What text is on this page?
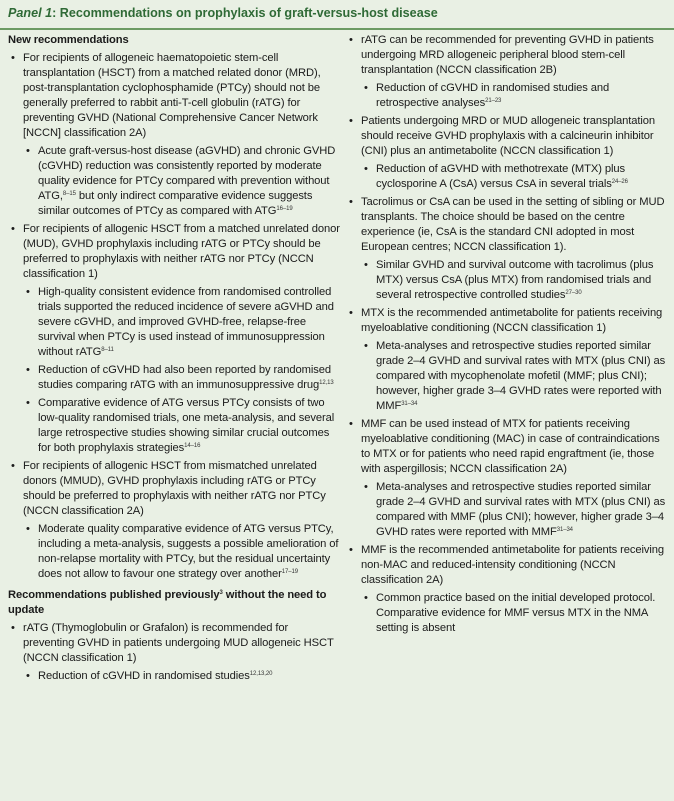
Panel 1: Recommendations on prophylaxis of graft-versus-host disease

New recommendations

• For recipients of allogeneic haematopoietic stem-cell transplantation (HSCT) from a matched related donor (MRD), post-transplantation cyclophosphamide (PTCy) should not be generally preferred to rabbit anti-T-cell globulin (rATG) for preventing GVHD (National Comprehensive Cancer Network [NCCN] classification 2A)
• Acute graft-versus-host disease (aGVHD) and chronic GVHD (cGVHD) reduction was consistently reported by moderate quality evidence for PTCy compared with prevention without ATG,$^{8-15}$ but only indirect comparative evidence suggests similar outcomes of PTCy as compared with ATG$^{16-19}$
• For recipients of allogenic HSCT from a matched unrelated donor (MUD), GVHD prophylaxis including rATG or PTCy should be preferred to prophylaxis with neither rATG nor PTCy (NCCN classification 1)
• High-quality consistent evidence from randomised controlled trials supported the reduced incidence of severe aGVHD and severe cGVHD, and improved GVHD-free, relapse-free survival when PTCy is used instead of immunosuppression without rATG$^{8-11}$
• Reduction of cGVHD had also been reported by randomised studies comparing rATG with an immunosuppressive drug$^{12,13}$
• Comparative evidence of ATG versus PTCy consists of two low-quality randomised trials, one meta-analysis, and several large retrospective studies showing similar crucial outcomes for both prophylaxis strategies$^{14-16}$
• For recipients of allogenic HSCT from mismatched unrelated donors (MMUD), GVHD prophylaxis including rATG or PTCy should be preferred to prophylaxis with neither rATG nor PTCy (NCCN classification 2A)
• Moderate quality comparative evidence of ATG versus PTCy, including a meta-analysis, suggests a possible amelioration of non-relapse mortality with PTCy, but the residual uncertainty does not allow to favour one strategy over another$^{17-19}$

Recommendations published previously$^3$ without the need to update

• rATG (Thymoglobulin or Grafalon) is recommended for preventing GVHD in patients undergoing MUD allogeneic HSCT (NCCN classification 1)
• Reduction of cGVHD in randomised studies$^{12,13,20}$
• rATG can be recommended for preventing GVHD in patients undergoing MRD allogeneic peripheral blood stem-cell transplantation (NCCN classification 2B)
• Reduction of cGVHD in randomised studies and retrospective analyses$^{21-23}$
• Patients undergoing MRD or MUD allogeneic transplantation should receive GVHD prophylaxis with a calcineurin inhibitor (CNI) plus an antimetabolite (NCCN classification 1)
• Reduction of aGVHD with methotrexate (MTX) plus cyclosporine A (CsA) versus CsA in several trials$^{24-26}$
• Tacrolimus or CsA can be used in the setting of sibling or MUD transplants. The choice should be based on the centre experience (ie, CsA is the standard CNI adopted in most European centres; NCCN classification 1).
• Similar GVHD and survival outcome with tacrolimus (plus MTX) versus CsA (plus MTX) from randomised trials and several retrospective controlled studies$^{27-30}$
• MTX is the recommended antimetabolite for patients receiving myeloablative conditioning (NCCN classification 1)
• Meta-analyses and retrospective studies reported similar grade 2–4 GVHD and survival rates with MTX (plus CNI) as compared with mycophenolate mofetil (MMF; plus CNI); however, higher grade 3–4 GVHD rates were reported with MMF$^{31-34}$
• MMF can be used instead of MTX for patients receiving myeloablative conditioning (MAC) in case of contraindications to MTX or for patients who need rapid engraftment (ie, those with aspergillosis; NCCN classification 2A)
• Meta-analyses and retrospective studies reported similar grade 2–4 GVHD and survival rates with MTX (plus CNI) as compared with MMF (plus CNI); however, higher grade 3–4 GVHD rates were reported with MMF$^{31-34}$
• MMF is the recommended antimetabolite for patients receiving non-MAC and reduced-intensity conditioning (NCCN classification 2A)
• Common practice based on the initial developed protocol. Comparative evidence for MMF versus MTX in the NMA setting is absent
